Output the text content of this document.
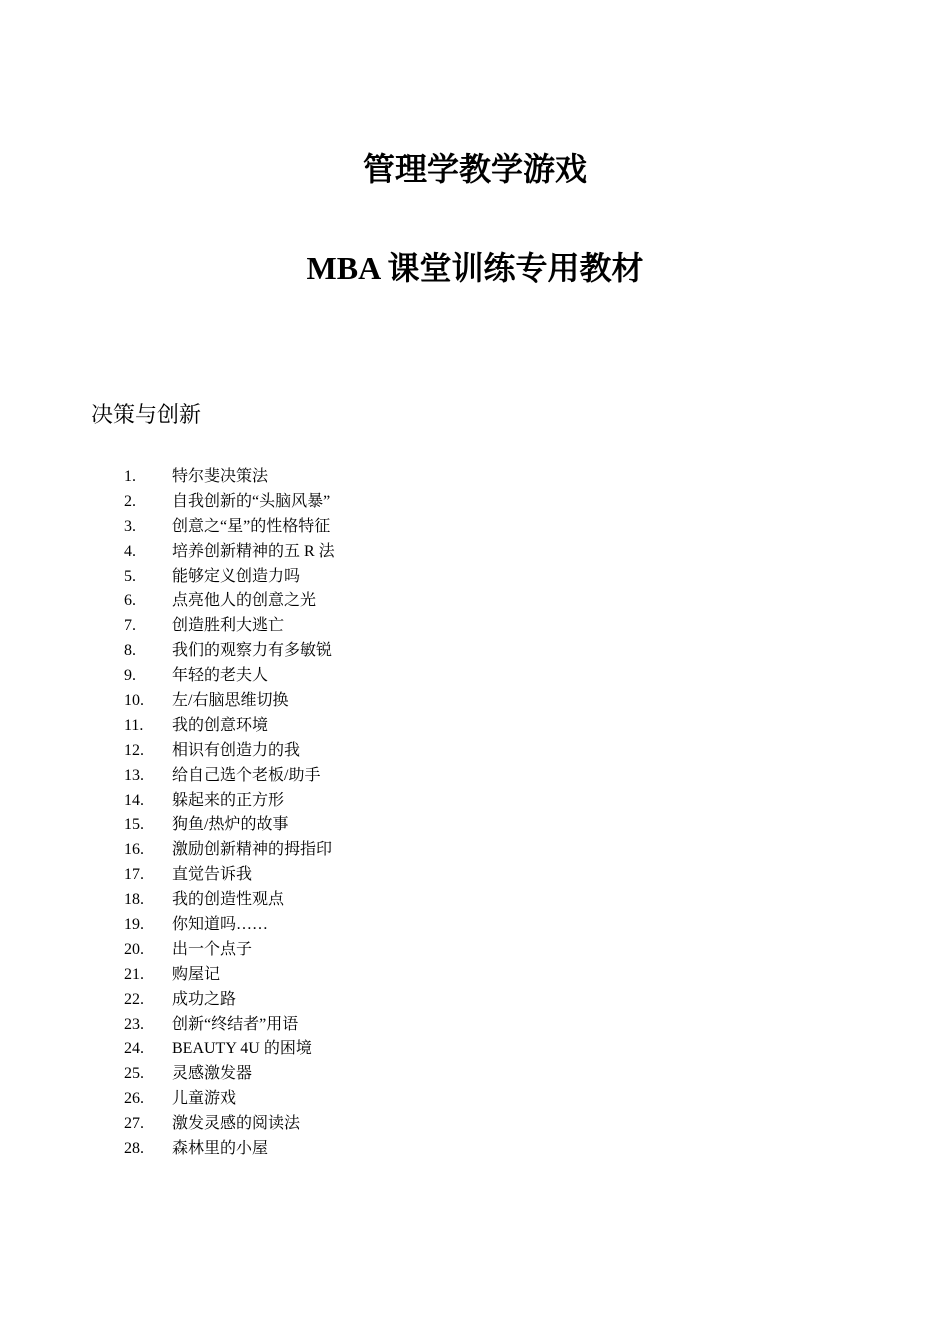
管理学教学游戏
MBA 课堂训练专用教材
决策与创新
1.	特尔斐决策法
2.	自我创新的“头脑风暴”
3.	创意之“星”的性格特征
4.	培养创新精神的五 R 法
5.	能够定义创造力吗
6.	点亮他人的创意之光
7.	创造胜利大逃亡
8.	我们的观察力有多敏锐
9.	年轻的老夫人
10.	左/右脑思维切换
11.	我的创意环境
12.	相识有创造力的我
13.	给自己选个老板/助手
14.	躲起来的正方形
15.	狗鱼/热炉的故事
16.	激励创新精神的拇指印
17.	直觉告诉我
18.	我的创造性观点
19.	你知道吗……
20.	出一个点子
21.	购屋记
22.	成功之路
23.	创新“终结者”用语
24.	BEAUTY 4U 的困境
25.	灵感激发器
26.	儿童游戏
27.	激发灵感的阅读法
28.	森林里的小屋
